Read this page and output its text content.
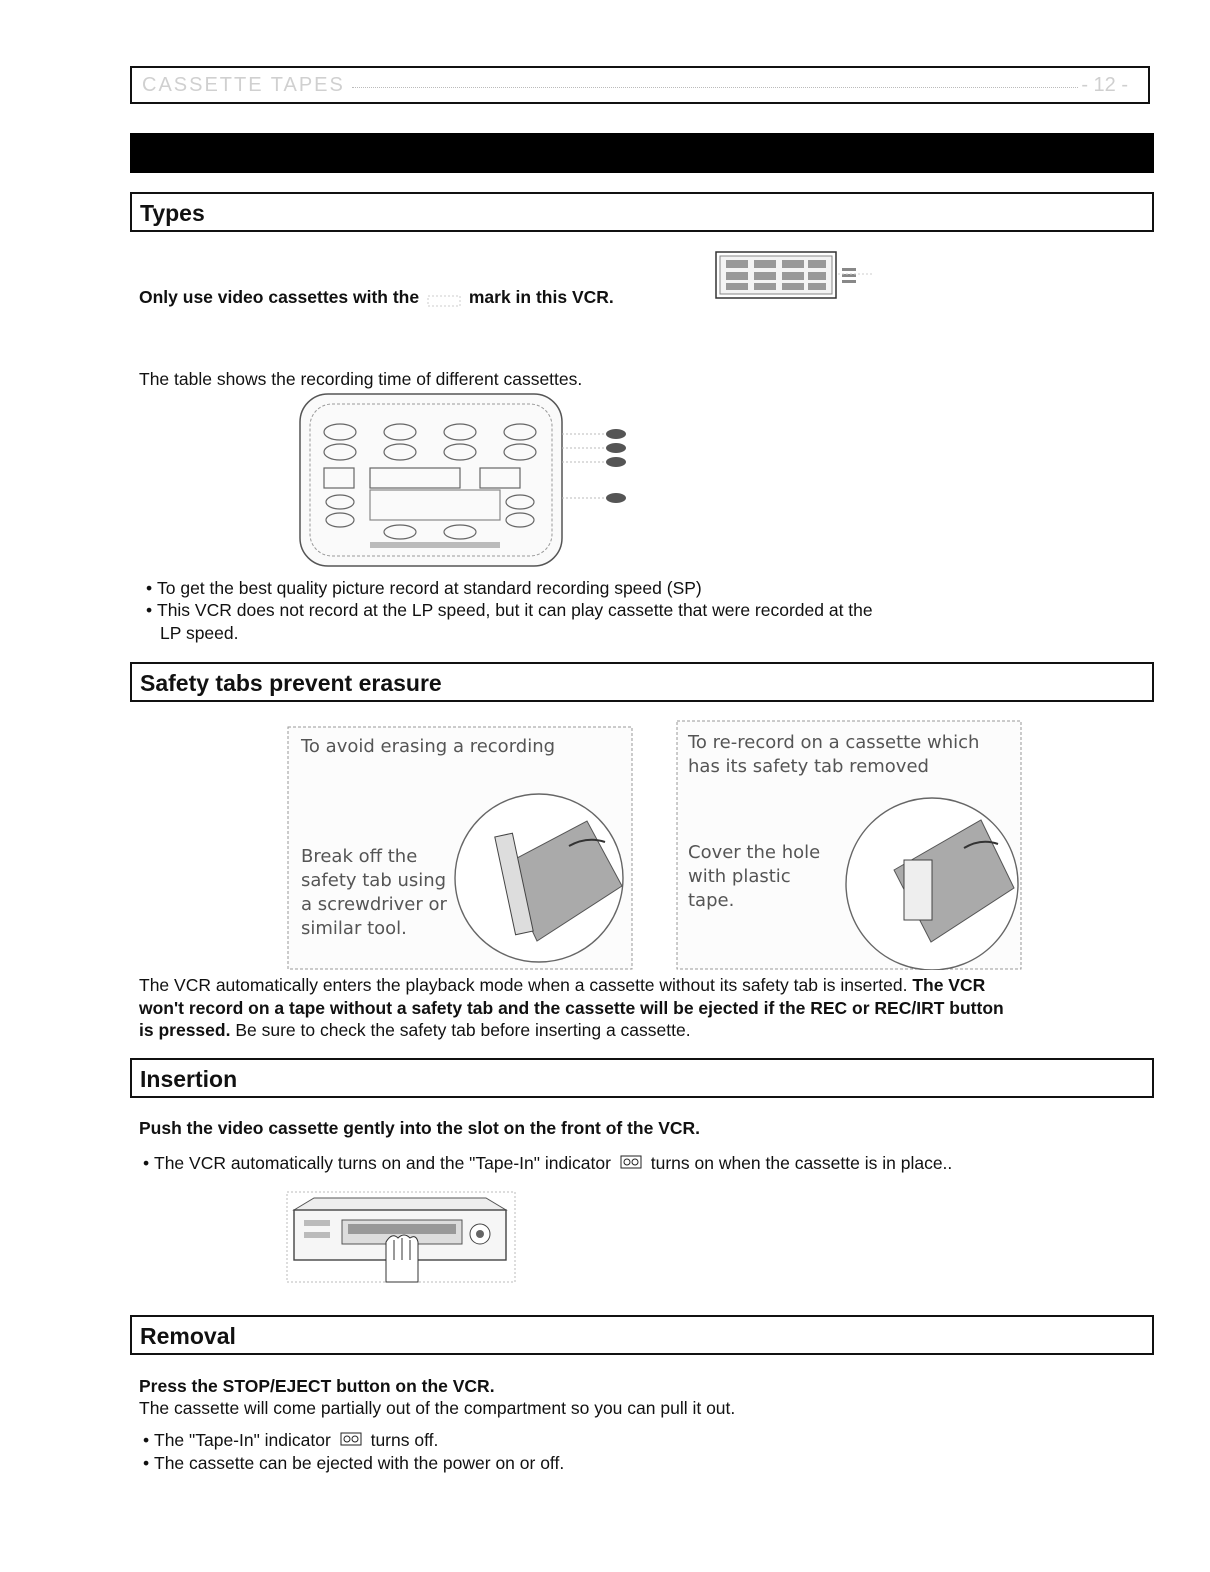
CASSETTE TAPES	- 12 -
Types
Only use video cassettes with the	mark in this VCR.
The table shows the recording time of different cassettes.
• To get the best quality picture record at standard recording speed (SP)
• This VCR does not record at the LP speed, but it can play cassette that were recorded at the
LP speed.
Safety tabs prevent erasure
To avoid erasing a recording
Break off the
safety tab using
a screwdriver or
similar tool.
To re-record on a cassette which
has its safety tab removed
Cover the hole
with plastic
tape.
The VCR automatically enters the playback mode when a cassette without its safety tab is inserted. The VCR
won't record on a tape without a safety tab and the cassette will be ejected if the REC or REC/IRT button
is pressed. Be sure to check the safety tab before inserting a cassette.
Insertion
Push the video cassette gently into the slot on the front of the VCR.
• The VCR automatically turns on and the "Tape-In" indicator turns on when the cassette is in place..
Removal
Press the STOP/EJECT button on the VCR.
The cassette will come partially out of the compartment so you can pull it out.
• The "Tape-In" indicator turns off.
• The cassette can be ejected with the power on or off.
